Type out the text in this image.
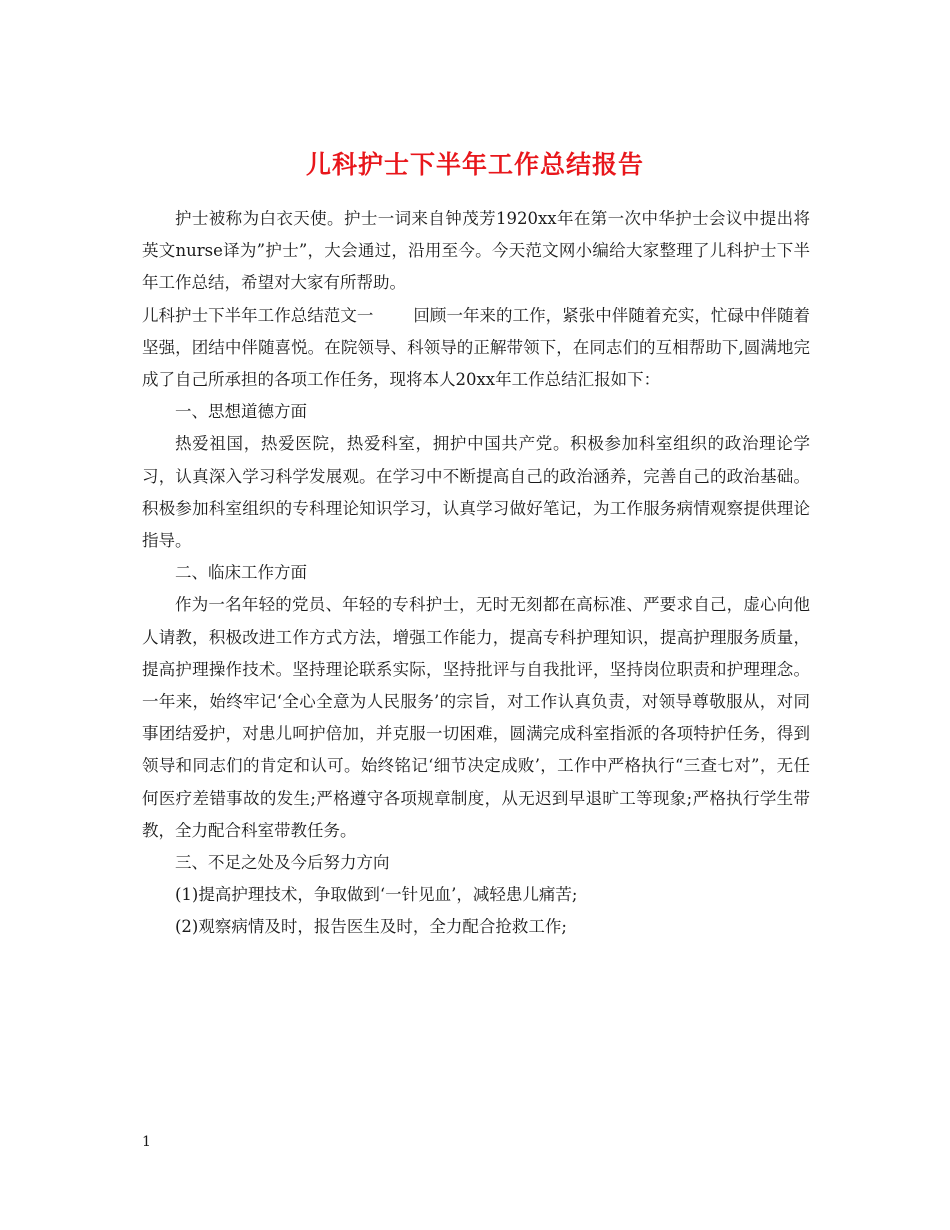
儿科护士下半年工作总结报告

护士被称为白衣天使。护士一词来自钟茂芳1920xx年在第一次中华护士会议中提出将英文nurse译为”护士”，大会通过，沿用至今。今天范文网小编给大家整理了儿科护士下半年工作总结，希望对大家有所帮助。

儿科护士下半年工作总结范文一 回顾一年来的工作，紧张中伴随着充实，忙碌中伴随着坚强，团结中伴随喜悦。在院领导、科领导的正解带领下，在同志们的互相帮助下,圆满地完成了自己所承担的各项工作任务，现将本人20xx年工作总结汇报如下：

一、思想道德方面

热爱祖国，热爱医院，热爱科室，拥护中国共产党。积极参加科室组织的政治理论学习，认真深入学习科学发展观。在学习中不断提高自己的政治涵养，完善自己的政治基础。积极参加科室组织的专科理论知识学习，认真学习做好笔记，为工作服务病情观察提供理论指导。

二、临床工作方面

作为一名年轻的党员、年轻的专科护士，无时无刻都在高标准、严要求自己，虚心向他人请教，积极改进工作方式方法，增强工作能力，提高专科护理知识，提高护理服务质量，提高护理操作技术。坚持理论联系实际，坚持批评与自我批评，坚持岗位职责和护理理念。一年来，始终牢记‘全心全意为人民服务’的宗旨，对工作认真负责，对领导尊敬服从，对同事团结爱护，对患儿呵护倍加，并克服一切困难，圆满完成科室指派的各项特护任务，得到领导和同志们的肯定和认可。始终铭记‘细节决定成败’，工作中严格执行“三查七对”，无任何医疗差错事故的发生;严格遵守各项规章制度，从无迟到早退旷工等现象;严格执行学生带教，全力配合科室带教任务。

三、不足之处及今后努力方向

(1)提高护理技术，争取做到‘一针见血’，减轻患儿痛苦;

(2)观察病情及时，报告医生及时，全力配合抢救工作;

1
